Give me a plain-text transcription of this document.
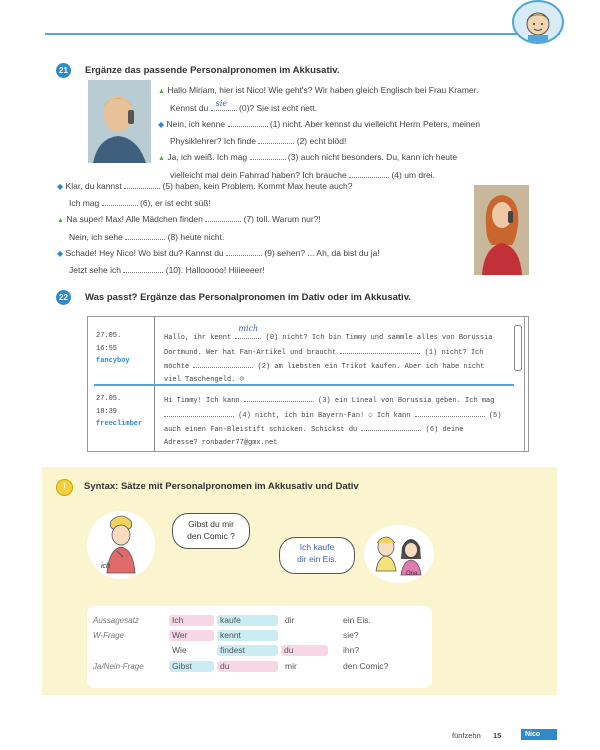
21	Ergänze das passende Personalpronomen im Akkusativ.
▲ Hallo Miriam, hier ist Nico! Wie geht's? Wir haben gleich Englisch bei Frau Kramer.
Kennst du sie (0)? Sie ist echt nett.
◆ Nein, ich kenne	(1) nicht. Aber kennst du vielleicht Herrn Peters, meinen
Physiklehrer? Ich finde	(2) echt blöd!
▲ Ja, ich weiß. Ich mag	(3) auch nicht besonders. Du, kann ich heute
vielleicht mal dein Fahrrad haben? Ich brauche	(4) um drei.
◆ Klar, du kannst	(5) haben, kein Problem. Kommt Max heute auch?
Ich mag	(6), er ist echt süß!
▲ Na super! Max! Alle Mädchen finden	(7) toll. Warum nur?!
Nein, ich sehe	(8) heute nicht.
◆ Schade! Hey Nico! Wo bist du? Kannst du	(9) sehen? ... Ah, da bist du ja!
Jetzt sehe ich	(10). Hallooooo! Hiiieeeer!
22	Was passt? Ergänze das Personalpronomen im Dativ oder im Akkusativ.
27.05.
16:55
fancyboy
Hallo, ihr kennt
mich
(0) nicht? Ich bin Timmy und sammle alles von Borussia
Dortmund. Wer hat Fan-Artikel und braucht	(1) nicht? Ich
möchte	(2) am liebsten ein Trikot kaufen. Aber ich habe nicht
viel Taschengeld. ☹
27.05.
18:39
freeclimber
Hi Timmy! Ich kann	(3) ein Lineal von Borussia geben. Ich mag
(4) nicht, ich bin Bayern-Fan! ☺ Ich kann	(5)
auch einen Fan-Bleistift schicken. Schickst du	(6) deine
Adresse? ronbader77@gmx.net
!	Syntax: Sätze mit Personalpronomen im Akkusativ und Dativ
ich
Gibst du mir
den Comic ?
Ich kaufe
dir ein Eis.
Ona
Aussagesatz	Ich	kaufe	dir	ein Eis.
W-Frage	Wer	kennt	sie?
Wie	findest	du	ihn?
Ja/Nein-Frage	Gibst	du	mir	den Comic?
fünfzehn 15	Nico
